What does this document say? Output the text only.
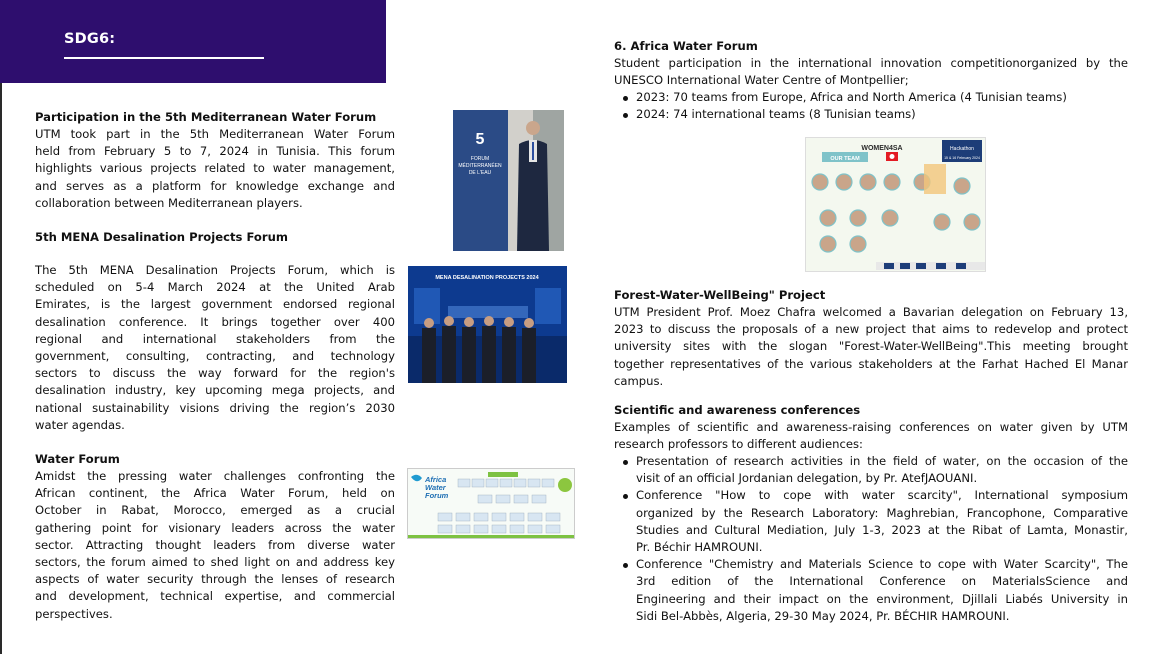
SDG6:
Participation in the 5th Mediterranean Water Forum
UTM took part in the 5th Mediterranean Water Forum
held from February 5 to 7, 2024 in Tunisia. This forum
highlights various projects related to water management,
and serves as a platform for knowledge exchange and
collaboration between Mediterranean players.
5th MENA Desalination Projects Forum
The 5th MENA Desalination Projects Forum, which is
scheduled on 5-4 March 2024 at the United Arab
Emirates, is the largest government endorsed regional
desalination conference. It brings together over 400
regional and international stakeholders from the
government, consulting, contracting, and technology
sectors to discuss the way forward for the region's
desalination industry, key upcoming mega projects, and
national sustainability visions driving the region’s 2030
water agendas.
Water Forum
Amidst the pressing water challenges confronting the
African continent, the Africa Water Forum, held on
October in Rabat, Morocco, emerged as a crucial
gathering point for visionary leaders across the water
sector. Attracting thought leaders from diverse water
sectors, the forum aimed to shed light on and address key
aspects of water security through the lenses of research
and development, technical expertise, and commercial
perspectives.
5
FORUM
MÉDITERRANÉEN
DE L'EAU
MENA DESALINATION PROJECTS 2024
Africa
Water
Forum
6. Africa Water Forum
Student participation in the international innovation competitionorganized by the
UNESCO International Water Centre of Montpellier;
2023: 70 teams from Europe, Africa and North America (4 Tunisian teams)
2024: 74 international teams (8 Tunisian teams)
WOMEN4SA
OUR TEAM
Hackathon
15 & 16 February 2024
Forest-Water-WellBeing" Project
UTM President Prof. Moez Chafra welcomed a Bavarian delegation on February 13,
2023 to discuss the proposals of a new project that aims to redevelop and protect
university sites with the slogan "Forest-Water-WellBeing".This meeting brought
together representatives of the various stakeholders at the Farhat Hached El Manar
campus.
Scientific and awareness conferences
Examples of scientific and awareness-raising conferences on water given by UTM
research professors to different audiences:
Presentation of research activities in the field of water, on the occasion of the
visit of an official Jordanian delegation, by Pr. AtefJAOUANI.
Conference "How to cope with water scarcity", International symposium
organized by the Research Laboratory: Maghrebian, Francophone, Comparative
Studies and Cultural Mediation, July 1-3, 2023 at the Ribat of Lamta, Monastir,
Pr. Béchir HAMROUNI.
Conference "Chemistry and Materials Science to cope with Water Scarcity", The
3rd edition of the International Conference on MaterialsScience and
Engineering and their impact on the environment, Djillali Liabés University in
Sidi Bel-Abbès, Algeria, 29-30 May 2024, Pr. BÉCHIR HAMROUNI.
